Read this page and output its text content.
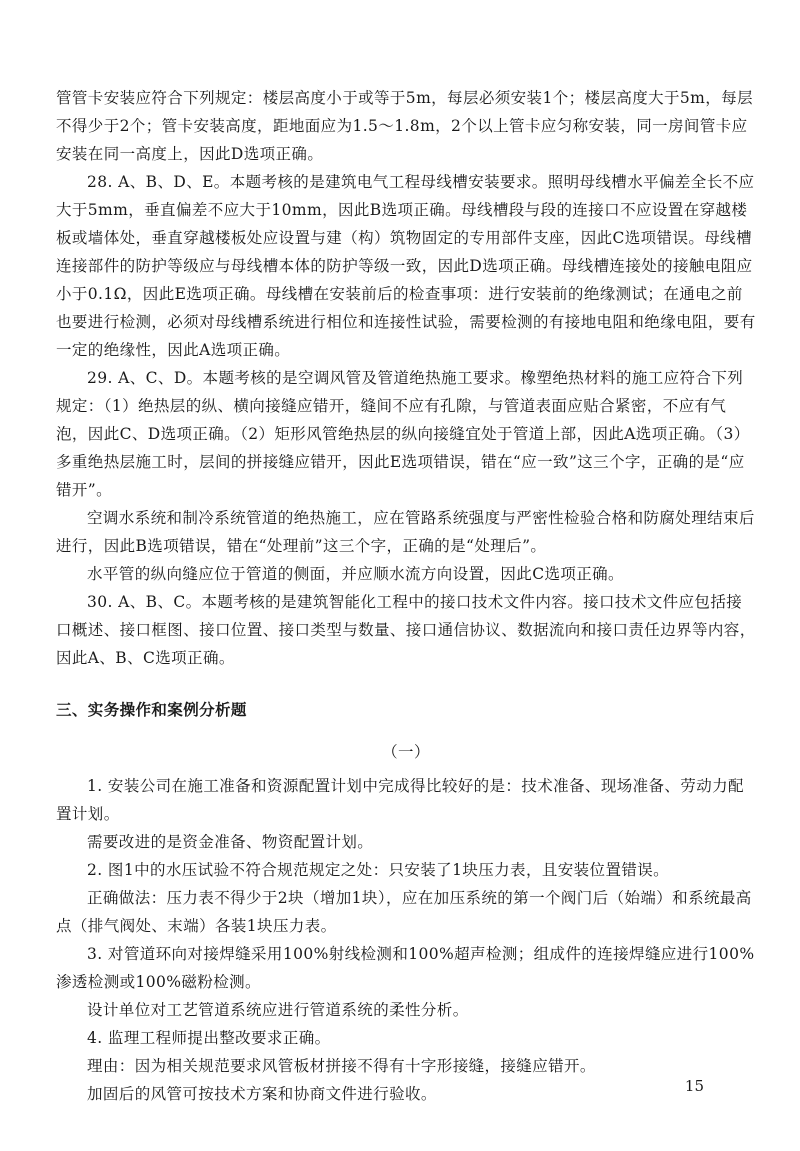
管管卡安装应符合下列规定：楼层高度小于或等于5m，每层必须安装1个；楼层高度大于5m，每层不得少于2个；管卡安装高度，距地面应为1.5～1.8m，2个以上管卡应匀称安装，同一房间管卡应安装在同一高度上，因此D选项正确。

28. A、B、D、E。本题考核的是建筑电气工程母线槽安装要求。照明母线槽水平偏差全长不应大于5mm，垂直偏差不应大于10mm，因此B选项正确。母线槽段与段的连接口不应设置在穿越楼板或墙体处，垂直穿越楼板处应设置与建（构）筑物固定的专用部件支座，因此C选项错误。母线槽连接部件的防护等级应与母线槽本体的防护等级一致，因此D选项正确。母线槽连接处的接触电阻应小于0.1Ω，因此E选项正确。母线槽在安装前后的检查事项：进行安装前的绝缘测试；在通电之前也要进行检测，必须对母线槽系统进行相位和连接性试验，需要检测的有接地电阻和绝缘电阻，要有一定的绝缘性，因此A选项正确。

29. A、C、D。本题考核的是空调风管及管道绝热施工要求。橡塑绝热材料的施工应符合下列规定：（1）绝热层的纵、横向接缝应错开，缝间不应有孔隙，与管道表面应贴合紧密，不应有气泡，因此C、D选项正确。（2）矩形风管绝热层的纵向接缝宜处于管道上部，因此A选项正确。（3）多重绝热层施工时，层间的拼接缝应错开，因此E选项错误，错在“应一致”这三个字，正确的是“应错开”。

空调水系统和制冷系统管道的绝热施工，应在管路系统强度与严密性检验合格和防腐处理结束后进行，因此B选项错误，错在“处理前”这三个字，正确的是“处理后”。

水平管的纵向缝应位于管道的侧面，并应顺水流方向设置，因此C选项正确。

30. A、B、C。本题考核的是建筑智能化工程中的接口技术文件内容。接口技术文件应包括接口概述、接口框图、接口位置、接口类型与数量、接口通信协议、数据流向和接口责任边界等内容，因此A、B、C选项正确。

三、实务操作和案例分析题

（一）

1. 安装公司在施工准备和资源配置计划中完成得比较好的是：技术准备、现场准备、劳动力配置计划。

需要改进的是资金准备、物资配置计划。

2. 图1中的水压试验不符合规范规定之处：只安装了1块压力表，且安装位置错误。

正确做法：压力表不得少于2块（增加1块），应在加压系统的第一个阀门后（始端）和系统最高点（排气阀处、末端）各装1块压力表。

3. 对管道环向对接焊缝采用100%射线检测和100%超声检测；组成件的连接焊缝应进行100%渗透检测或100%磁粉检测。

设计单位对工艺管道系统应进行管道系统的柔性分析。

4. 监理工程师提出整改要求正确。

理由：因为相关规范要求风管板材拼接不得有十字形接缝，接缝应错开。

加固后的风管可按技术方案和协商文件进行验收。	15
